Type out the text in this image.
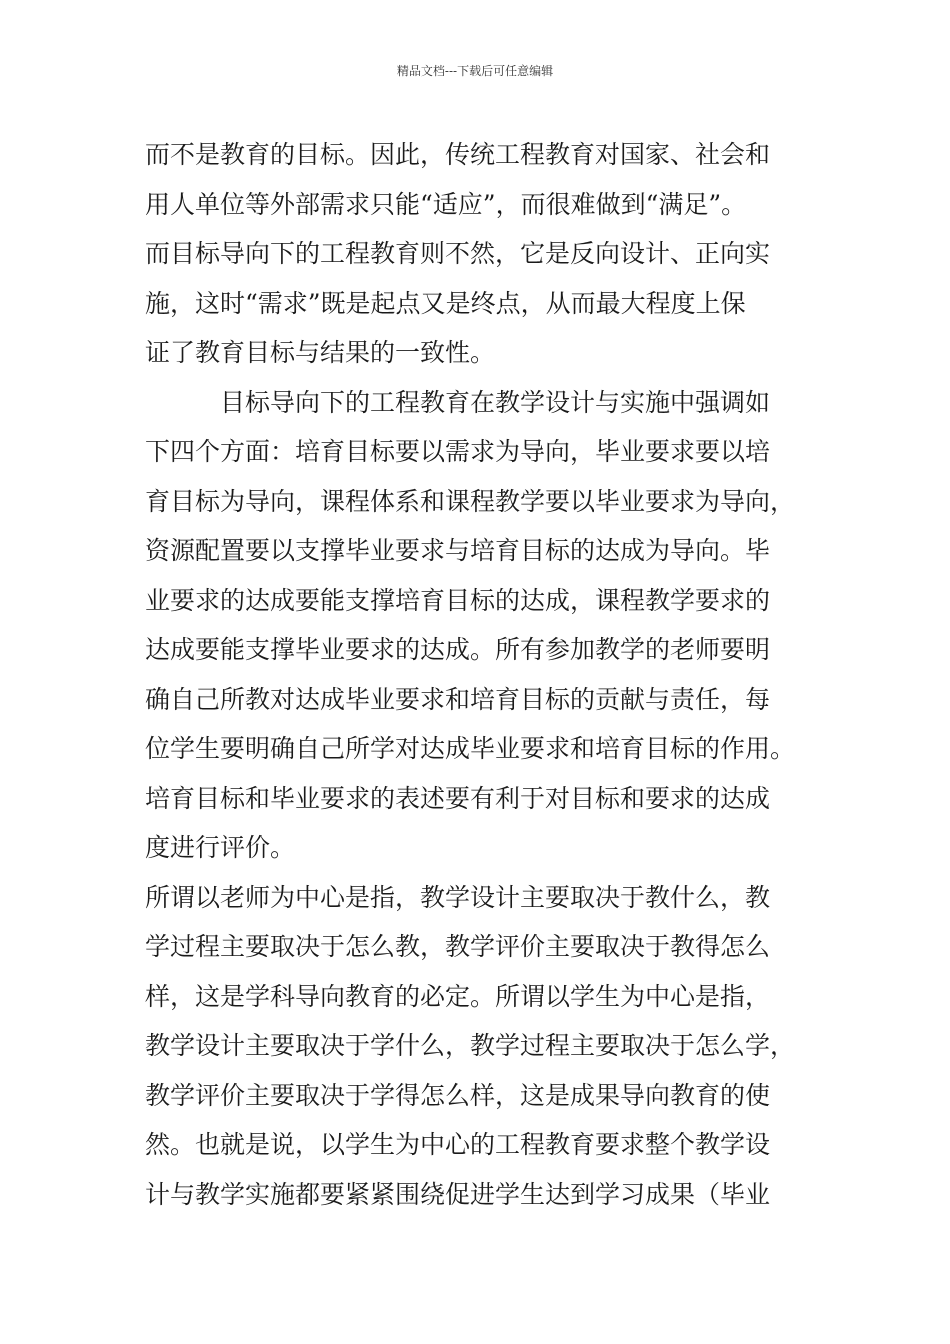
精品文档---下载后可任意编辑
而不是教育的目标。因此，传统工程教育对国家、社会和
用人单位等外部需求只能“适应”，而很难做到“满足”。
而目标导向下的工程教育则不然，它是反向设计、正向实
施，这时“需求”既是起点又是终点，从而最大程度上保
证了教育目标与结果的一致性。
目标导向下的工程教育在教学设计与实施中强调如
下四个方面：培育目标要以需求为导向，毕业要求要以培
育目标为导向，课程体系和课程教学要以毕业要求为导向，
资源配置要以支撑毕业要求与培育目标的达成为导向。毕
业要求的达成要能支撑培育目标的达成，课程教学要求的
达成要能支撑毕业要求的达成。所有参加教学的老师要明
确自己所教对达成毕业要求和培育目标的贡献与责任，每
位学生要明确自己所学对达成毕业要求和培育目标的作用。
培育目标和毕业要求的表述要有利于对目标和要求的达成
度进行评价。
所谓以老师为中心是指，教学设计主要取决于教什么，教
学过程主要取决于怎么教，教学评价主要取决于教得怎么
样，这是学科导向教育的必定。所谓以学生为中心是指，
教学设计主要取决于学什么，教学过程主要取决于怎么学，
教学评价主要取决于学得怎么样，这是成果导向教育的使
然。也就是说，以学生为中心的工程教育要求整个教学设
计与教学实施都要紧紧围绕促进学生达到学习成果（毕业
